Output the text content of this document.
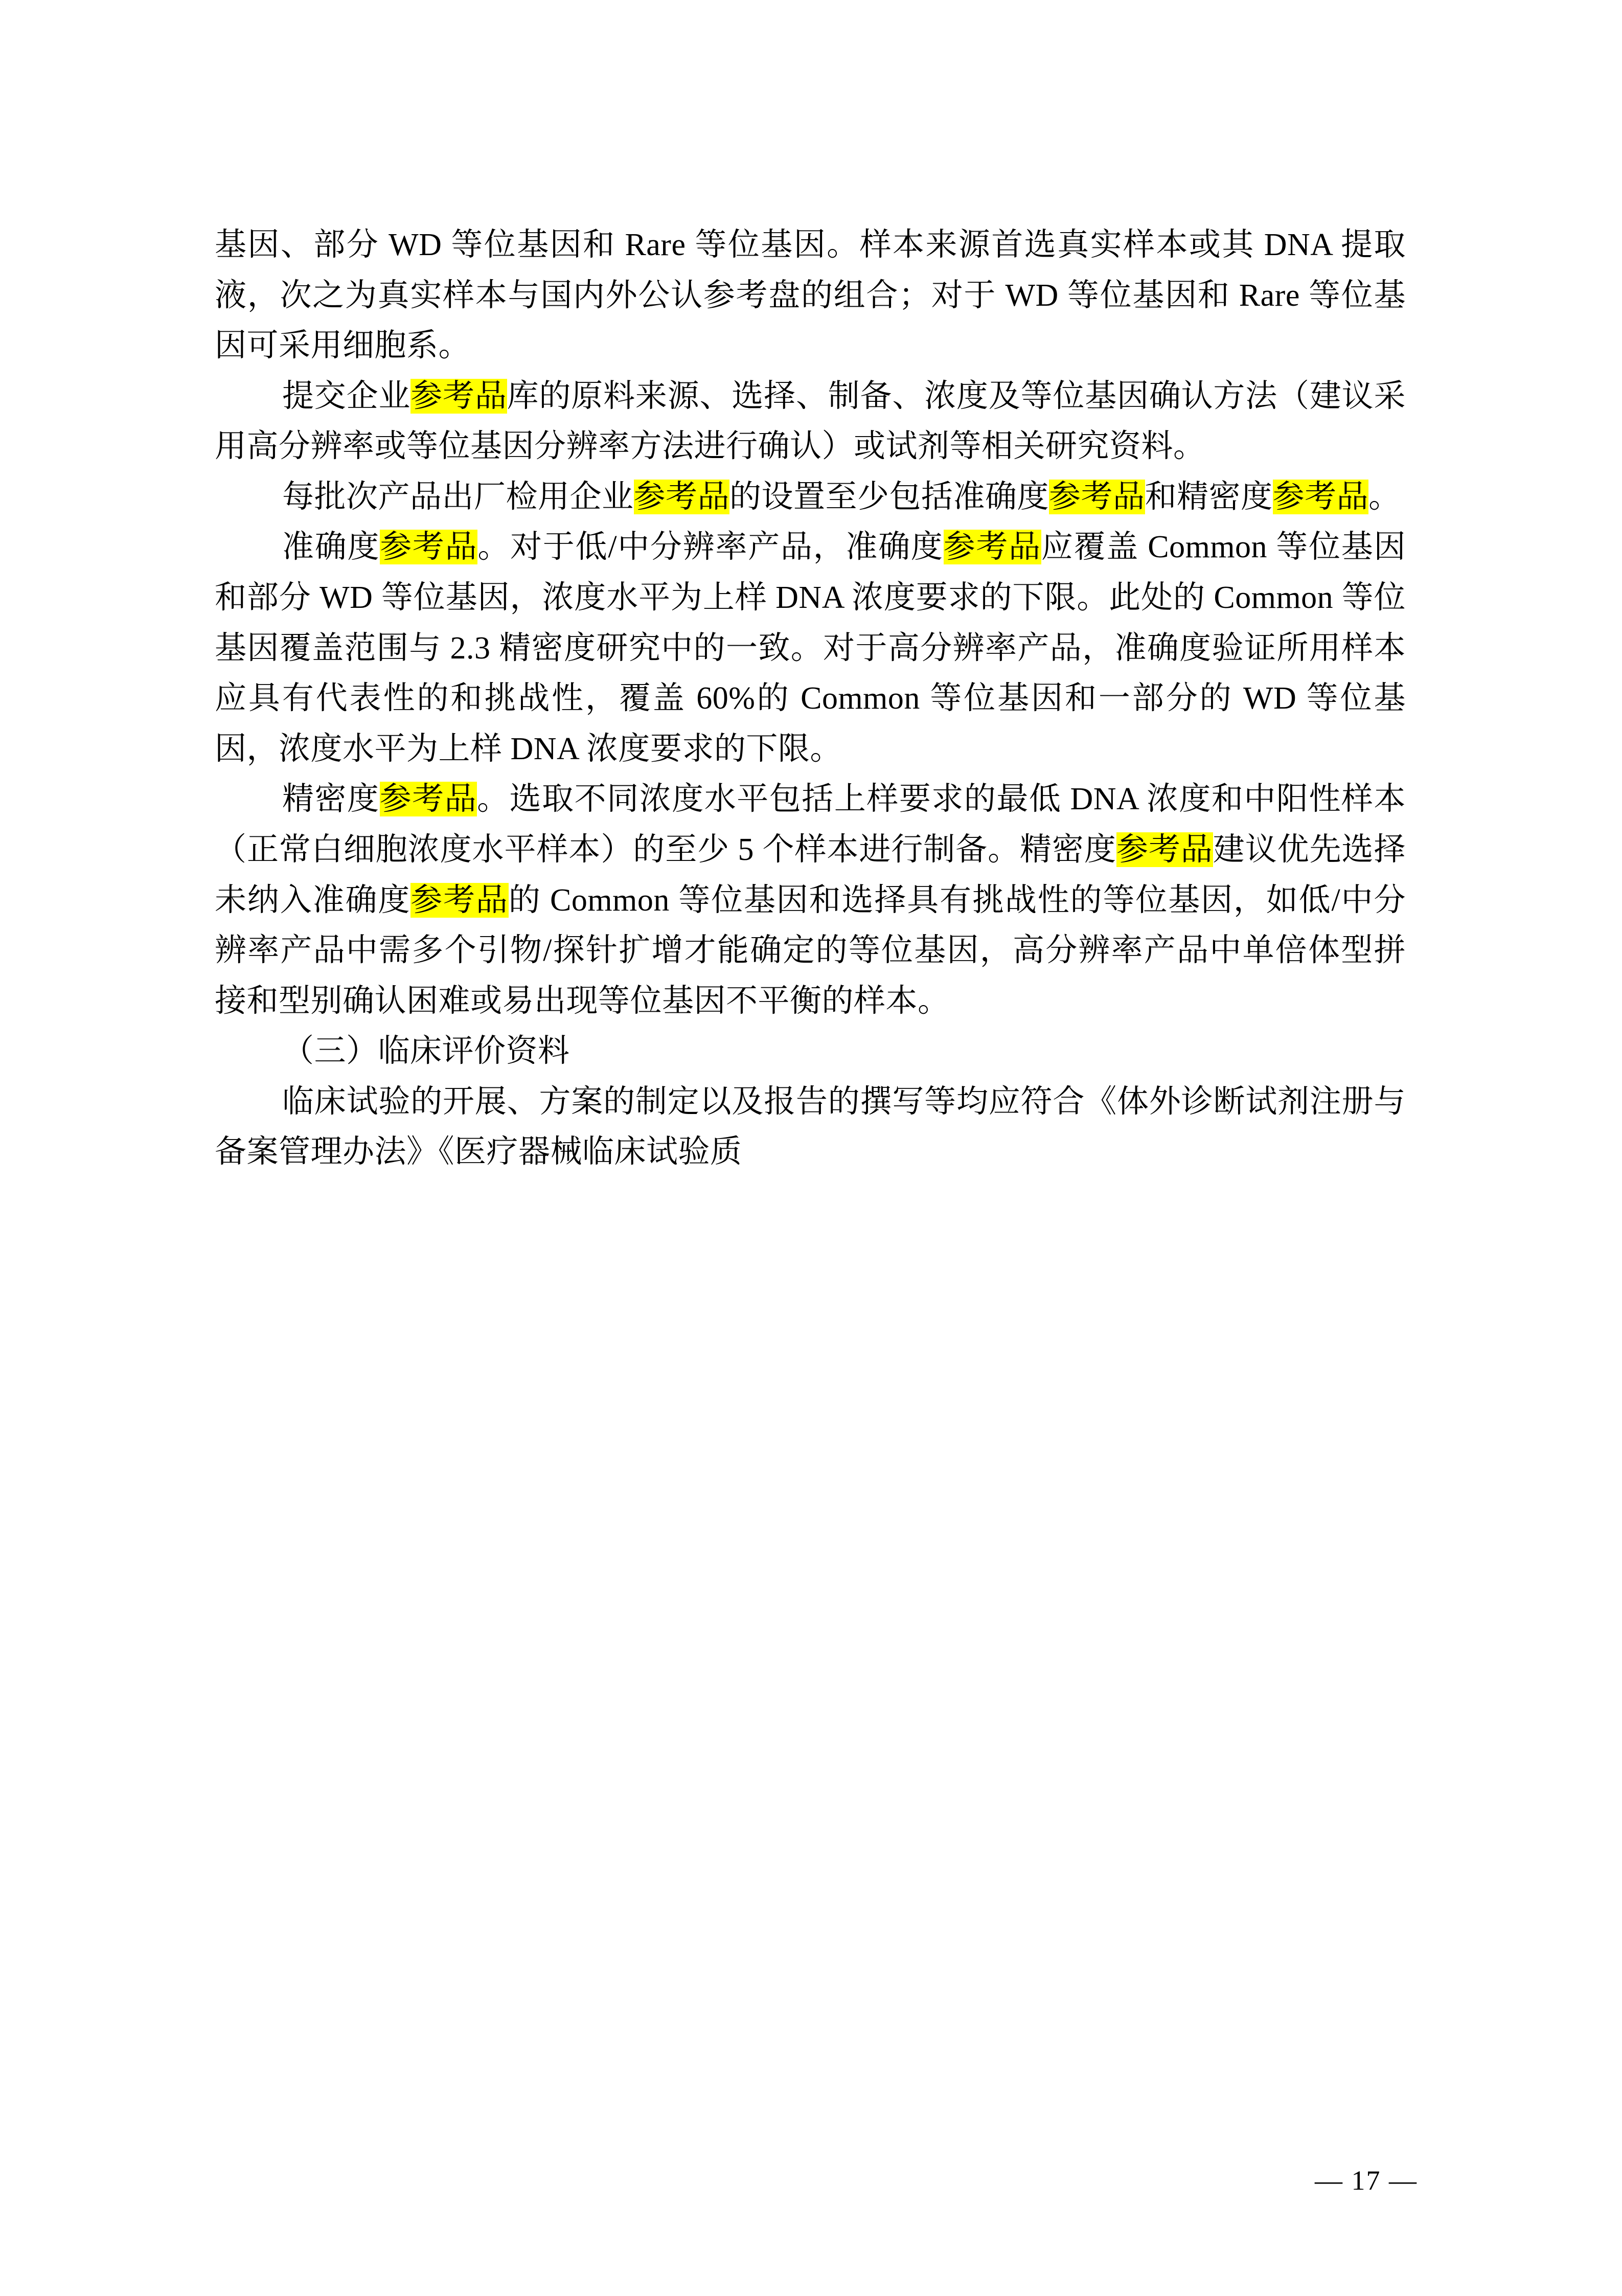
基因、部分 WD 等位基因和 Rare 等位基因。样本来源首选真实样本或其 DNA 提取液，次之为真实样本与国内外公认参考盘的组合；对于 WD 等位基因和 Rare 等位基因可采用细胞系。

提交企业参考品库的原料来源、选择、制备、浓度及等位基因确认方法（建议采用高分辨率或等位基因分辨率方法进行确认）或试剂等相关研究资料。

每批次产品出厂检用企业参考品的设置至少包括准确度参考品和精密度参考品。

准确度参考品。对于低/中分辨率产品，准确度参考品应覆盖 Common 等位基因和部分 WD 等位基因，浓度水平为上样 DNA 浓度要求的下限。此处的 Common 等位基因覆盖范围与 2.3 精密度研究中的一致。对于高分辨率产品，准确度验证所用样本应具有代表性的和挑战性，覆盖 60%的 Common 等位基因和一部分的 WD 等位基因，浓度水平为上样 DNA 浓度要求的下限。

精密度参考品。选取不同浓度水平包括上样要求的最低 DNA 浓度和中阳性样本（正常白细胞浓度水平样本）的至少 5 个样本进行制备。精密度参考品建议优先选择未纳入准确度参考品的 Common 等位基因和选择具有挑战性的等位基因，如低/中分辨率产品中需多个引物/探针扩增才能确定的等位基因，高分辨率产品中单倍体型拼接和型别确认困难或易出现等位基因不平衡的样本。

（三）临床评价资料

临床试验的开展、方案的制定以及报告的撰写等均应符合《体外诊断试剂注册与备案管理办法》《医疗器械临床试验质

— 17 —
